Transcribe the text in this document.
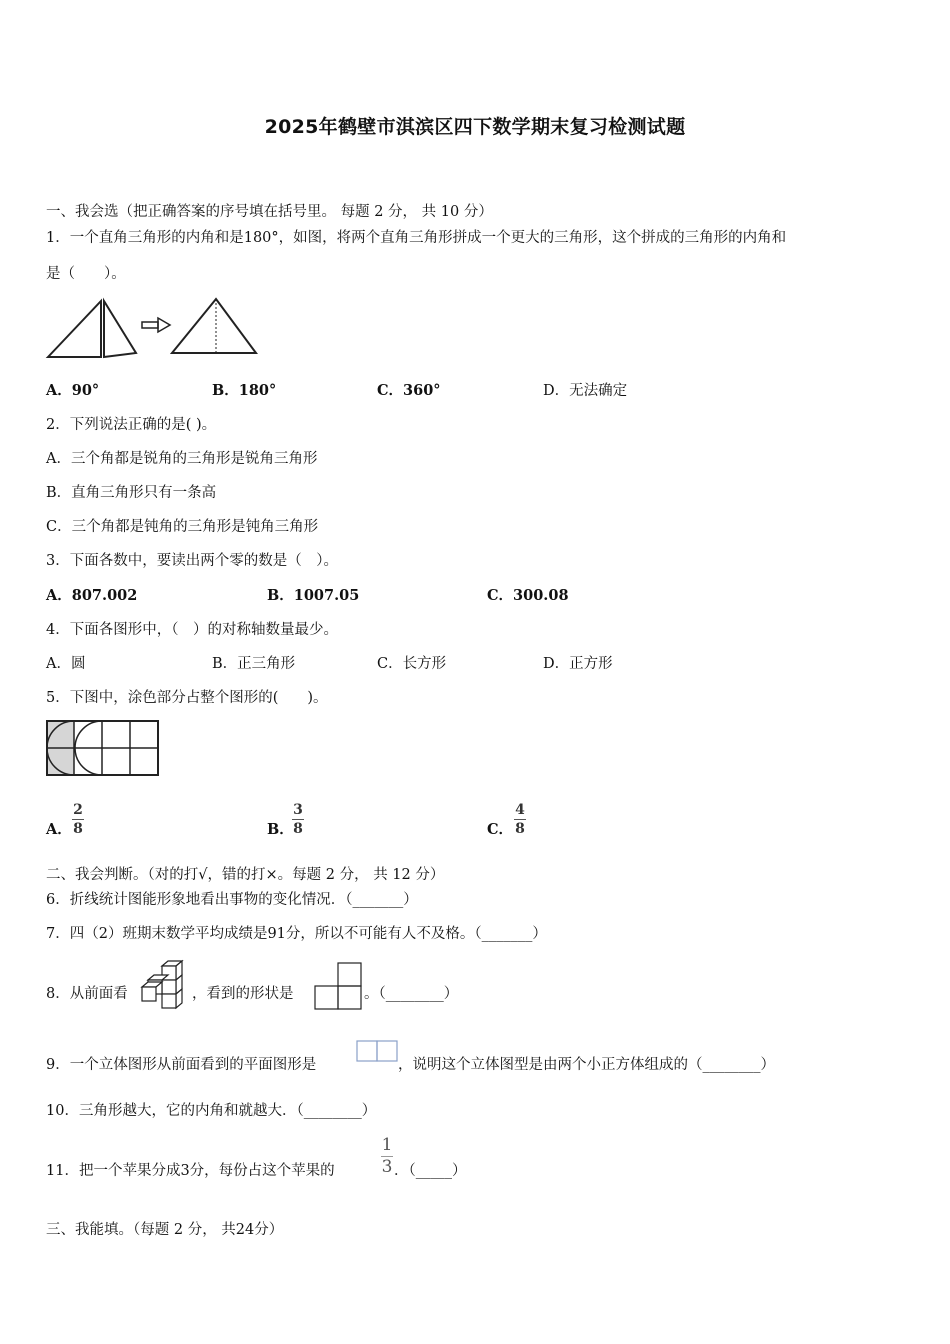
2025年鹤壁市淇滨区四下数学期末复习检测试题
一、我会选（把正确答案的序号填在括号里。 每题 2 分， 共 10 分）
1．一个直角三角形的内角和是180°，如图，将两个直角三角形拼成一个更大的三角形，这个拼成的三角形的内角和
是（　　）。
A．90°	B．180°	C．360°	D．无法确定
2．下列说法正确的是( )。
A．三个角都是锐角的三角形是锐角三角形
B．直角三角形只有一条高
C．三个角都是钝角的三角形是钝角三角形
3．下面各数中，要读出两个零的数是（　）。
A．807.002	B．1007.05	C．300.08
4．下面各图形中，（　）的对称轴数量最少。
A．圆	B．正三角形	C．长方形	D．正方形
5．下图中，涂色部分占整个图形的(　　)。
A．
2
8	B．
3
8	C．
4
8
二、我会判断。（对的打√，错的打×。每题 2 分， 共 12 分）
6．折线统计图能形象地看出事物的变化情况．（_______）
7．四（2）班期末数学平均成绩是91分，所以不可能有人不及格。（_______）
8．从前面看	，看到的形状是	。（________）
9．一个立体图形从前面看到的平面图形是	，说明这个立体图型是由两个小正方体组成的（________）
10．三角形越大，它的内角和就越大．（________）
11．把一个苹果分成3分，每份占这个苹果的
1
3 ．（_____）
三、我能填。（每题 2 分， 共24分）
